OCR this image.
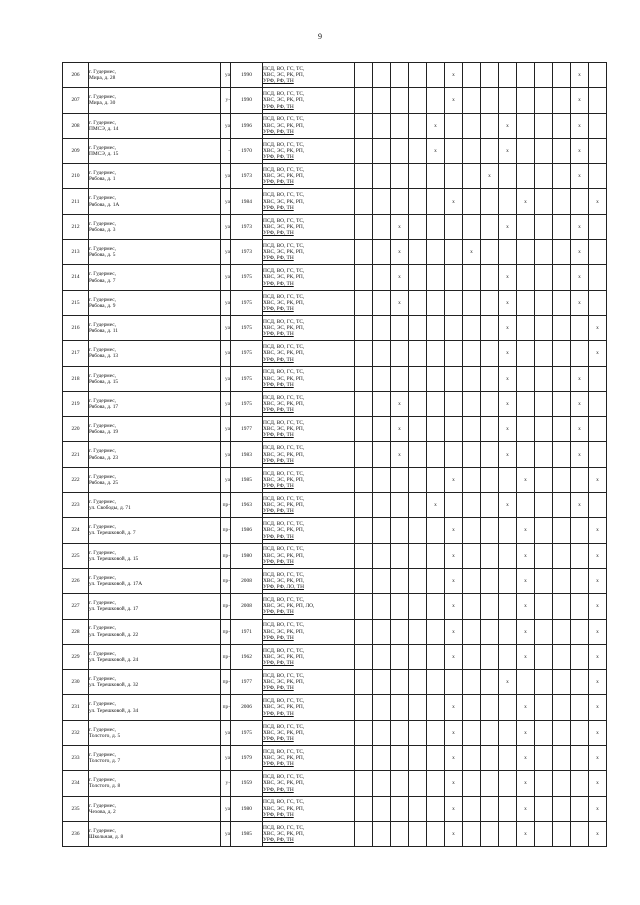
9
206	г. Гудермес,
Мира, д. 28	уа	1990	ПСД, ВО, ГС, ТС,
ХВС, ЭС, РК, РП,
УРФ, РФ, ТН						x							x	
207	г. Гудермес,
Мира, д. 30	у-	1990	ПСД, ВО, ГС, ТС,
ХВС, ЭС, РК, РП,
УРФ, РФ, ТН						x							x	
208	г. Гудермес,
ПМСЭ, д. 14	уа	1996	ПСД, ВО, ГС, ТС,
ХВС, ЭС, РК, РП,
УРФ, РФ, ТН					x				x				x	
209	г. Гудермес,
ПМСЭ, д. 15	-	1970	ПСД, ВО, ГС, ТС,
ХВС, ЭС, РК, РП,
УРФ, РФ, ТН					x				x				x	
210	г. Гудермес,
Рябова, д. 1	уа	1973	ПСД, ВО, ГС, ТС,
ХВС, ЭС, РК, РП,
УРФ, РФ, ТН								x					x	
211	г. Гудермес,
Рябова, д. 1А	уа	1984	ПСД, ВО, ГС, ТС,
ХВС, ЭС, РК, РП,
УРФ, РФ, ТН						x				x				x
212	г. Гудермес,
Рябова, д. 3	уа	1973	ПСД, ВО, ГС, ТС,
ХВС, ЭС, РК, РП,
УРФ, РФ, ТН			x						x				x	
213	г. Гудермес,
Рябова, д. 5	уа	1973	ПСД, ВО, ГС, ТС,
ХВС, ЭС, РК, РП,
УРФ, РФ, ТН			x				x						x	
214	г. Гудермес,
Рябова, д. 7	уа	1975	ПСД, ВО, ГС, ТС,
ХВС, ЭС, РК, РП,
УРФ, РФ, ТН			x						x				x	
215	г. Гудермес,
Рябова, д. 9	уа	1975	ПСД, ВО, ГС, ТС,
ХВС, ЭС, РК, РП,
УРФ, РФ, ТН			x						x				x	
216	г. Гудермес,
Рябова, д. 11	уа	1975	ПСД, ВО, ГС, ТС,
ХВС, ЭС, РК, РП,
УРФ, РФ, ТН									x					x
217	г. Гудермес,
Рябова, д. 13	уа	1975	ПСД, ВО, ГС, ТС,
ХВС, ЭС, РК, РП,
УРФ, РФ, ТН									x					x
218	г. Гудермес,
Рябова, д. 15	уа	1975	ПСД, ВО, ГС, ТС,
ХВС, ЭС, РК, РП,
УРФ, РФ, ТН									x				x	
219	г. Гудермес,
Рябова, д. 17	уа	1975	ПСД, ВО, ГС, ТС,
ХВС, ЭС, РК, РП,
УРФ, РФ, ТН			x						x				x	
220	г. Гудермес,
Рябова, д. 19	уа	1977	ПСД, ВО, ГС, ТС,
ХВС, ЭС, РК, РП,
УРФ, РФ, ТН			x						x				x	
221	г. Гудермес,
Рябова, д. 23	уа	1983	ПСД, ВО, ГС, ТС,
ХВС, ЭС, РК, РП,
УРФ, РФ, ТН			x						x				x	
222	г. Гудермес,
Рябова, д. 25	уа	1985	ПСД, ВО, ГС, ТС,
ХВС, ЭС, РК, РП,
УРФ, РФ, ТН						x				x				x
223	г. Гудермес,
ул. Свободы, д. 71	пр-	1963	ПСД, ВО, ГС, ТС,
ХВС, ЭС, РК, РП,
УРФ, РФ, ТН					x				x				x	
224	г. Гудермес,
ул. Терешковой, д. 7	пр-	1986	ПСД, ВО, ГС, ТС,
ХВС, ЭС, РК, РП,
УРФ, РФ, ТН						x				x				x
225	г. Гудермес,
ул. Терешковой, д. 15	пр-	1980	ПСД, ВО, ГС, ТС,
ХВС, ЭС, РК, РП,
УРФ, РФ, ТН						x				x				x
226	г. Гудермес,
ул. Терешковой, д. 17А	пр-	2008	ПСД, ВО, ГС, ТС,
ХВС, ЭС, РК, РП,
УРФ, РФ, ЛО, ТН						x				x				x
227	г. Гудермес,
ул. Терешковой, д. 17	пр-	2008	ПСД, ВО, ГС, ТС,
ХВС, ЭС, РК, РП, ЛО,
УРФ, РФ, ТН						x				x				x
228	г. Гудермес,
ул. Терешковой, д. 22	пр-	1971	ПСД, ВО, ГС, ТС,
ХВС, ЭС, РК, РП,
УРФ, РФ, ТН						x				x				x
229	г. Гудермес,
ул. Терешковой, д. 24	пр-	1962	ПСД, ВО, ГС, ТС,
ХВС, ЭС, РК, РП,
УРФ, РФ, ТН						x				x				x
230	г. Гудермес,
ул. Терешковой, д. 32	пр-	1977	ПСД, ВО, ГС, ТС,
ХВС, ЭС, РК, РП,
УРФ, РФ, ТН									x					x
231	г. Гудермес,
ул. Терешковой, д. 34	пр-	2006	ПСД, ВО, ГС, ТС,
ХВС, ЭС, РК, РП,
УРФ, РФ, ТН						x				x				x
232	г. Гудермес,
Толстого, д. 5	уа	1975	ПСД, ВО, ГС, ТС,
ХВС, ЭС, РК, РП,
УРФ, РФ, ТН						x				x				x
233	г. Гудермес,
Толстого, д. 7	уа	1979	ПСД, ВО, ГС, ТС,
ХВС, ЭС, РК, РП,
УРФ, РФ, ТН						x				x				x
234	г. Гудермес,
Толстого, д. 8	у-	1959	ПСД, ВО, ГС, ТС,
ХВС, ЭС, РК, РП,
УРФ, РФ, ТН						x				x				x
235	г. Гудермес,
Чехова, д. 2	уа	1980	ПСД, ВО, ГС, ТС,
ХВС, ЭС, РК, РП,
УРФ, РФ, ТН						x				x				x
236	г. Гудермес,
Школьная, д. 8	уа	1985	ПСД, ВО, ГС, ТС,
ХВС, ЭС, РК, РП,
УРФ, РФ, ТН						x				x				x
